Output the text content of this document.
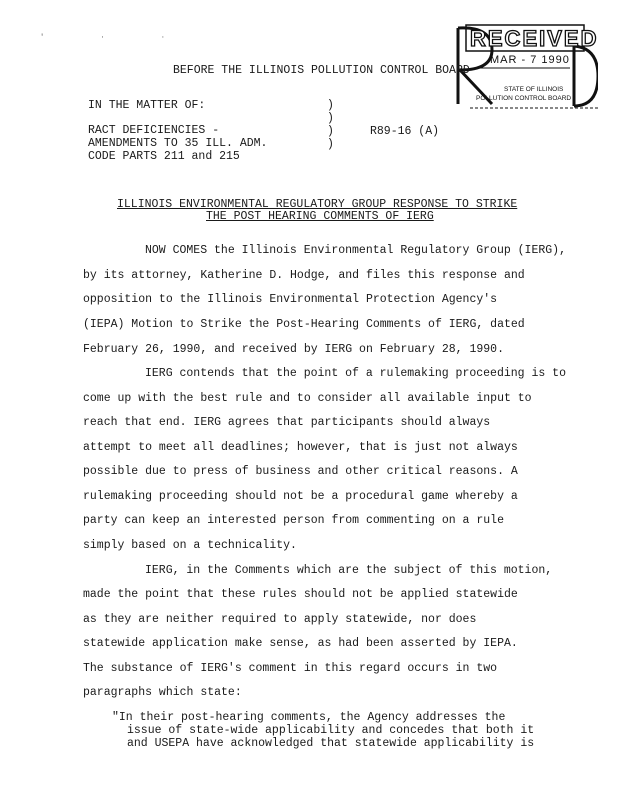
' · ·	RECEIVED
MAR - 7 1990
STATE OF ILLINOIS
POLLUTION CONTROL BOARD
BEFORE THE ILLINOIS POLLUTION CONTROL BOARD
IN THE MATTER OF:
RACT DEFICIENCIES -
AMENDMENTS TO 35 ILL. ADM.
CODE PARTS 211 and 215
)
)
)
)
R89-16 (A)
ILLINOIS ENVIRONMENTAL REGULATORY GROUP RESPONSE TO STRIKE
THE POST HEARING COMMENTS OF IERG
NOW COMES the Illinois Environmental Regulatory Group (IERG),
by its attorney, Katherine D. Hodge, and files this response and
opposition to the Illinois Environmental Protection Agency's
(IEPA) Motion to Strike the Post-Hearing Comments of IERG, dated
February 26, 1990, and received by IERG on February 28, 1990.
IERG contends that the point of a rulemaking proceeding is to
come up with the best rule and to consider all available input to
reach that end. IERG agrees that participants should always
attempt to meet all deadlines; however, that is just not always
possible due to press of business and other critical reasons. A
rulemaking proceeding should not be a procedural game whereby a
party can keep an interested person from commenting on a rule
simply based on a technicality.
IERG, in the Comments which are the subject of this motion,
made the point that these rules should not be applied statewide
as they are neither required to apply statewide, nor does
statewide application make sense, as had been asserted by IEPA.
The substance of IERG's comment in this regard occurs in two
paragraphs which state:
"In their post-hearing comments, the Agency addresses the
issue of state-wide applicability and concedes that both it
and USEPA have acknowledged that statewide applicability is
